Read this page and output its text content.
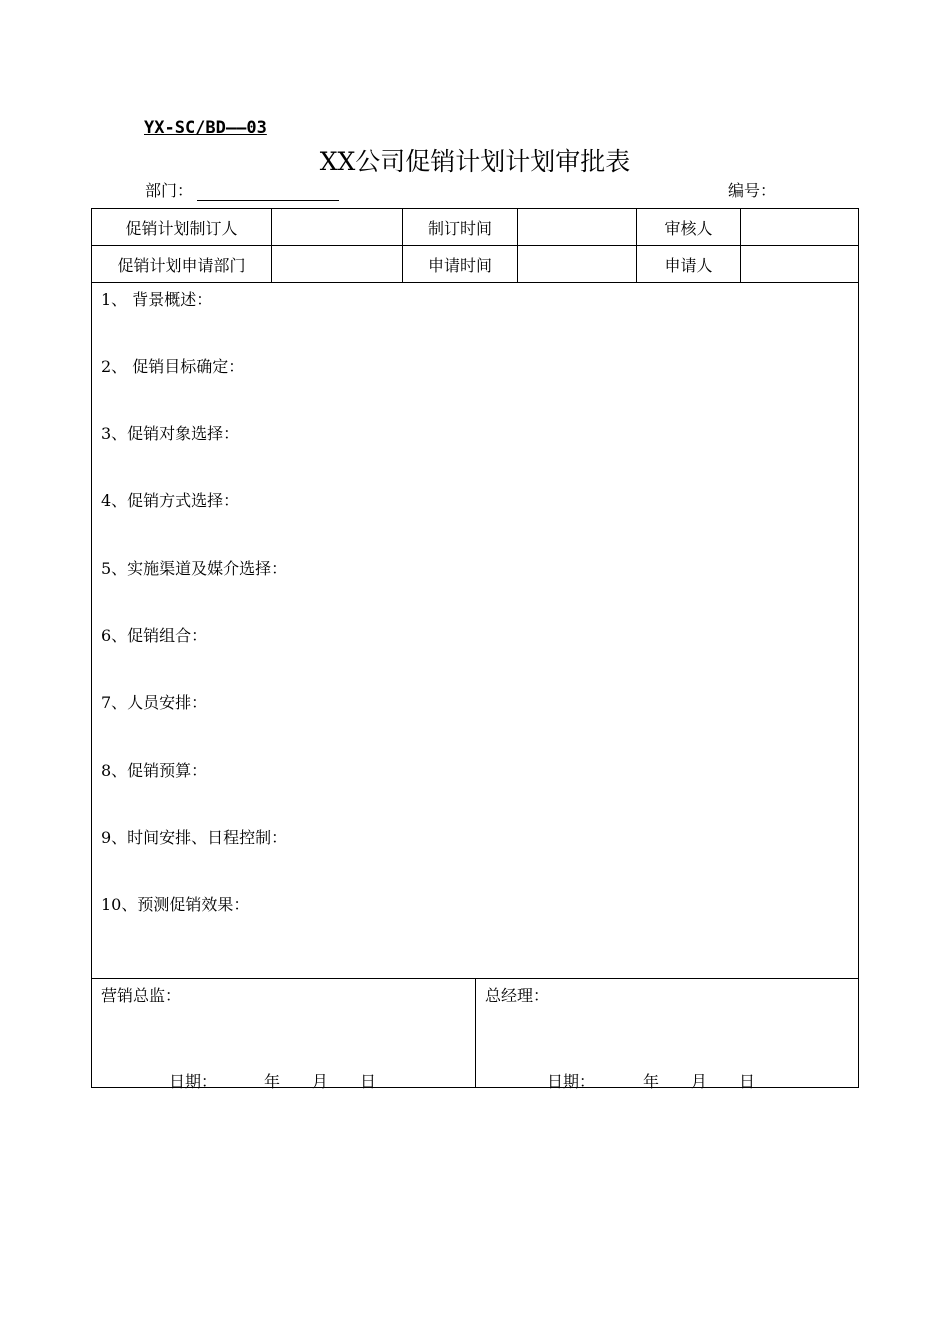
YX-SC/BD——03
XX公司促销计划计划审批表
部门：	编号：
促销计划制订人	制订时间	审核人
促销计划申请部门	申请时间	申请人
1、 背景概述：
2、 促销目标确定：
3、促销对象选择：
4、促销方式选择：
5、实施渠道及媒介选择：
6、促销组合：
7、人员安排：
8、促销预算：
9、时间安排、日程控制：
10、预测促销效果：
营销总监：
日期：	年 月 日
总经理：
日期：	年 月 日
